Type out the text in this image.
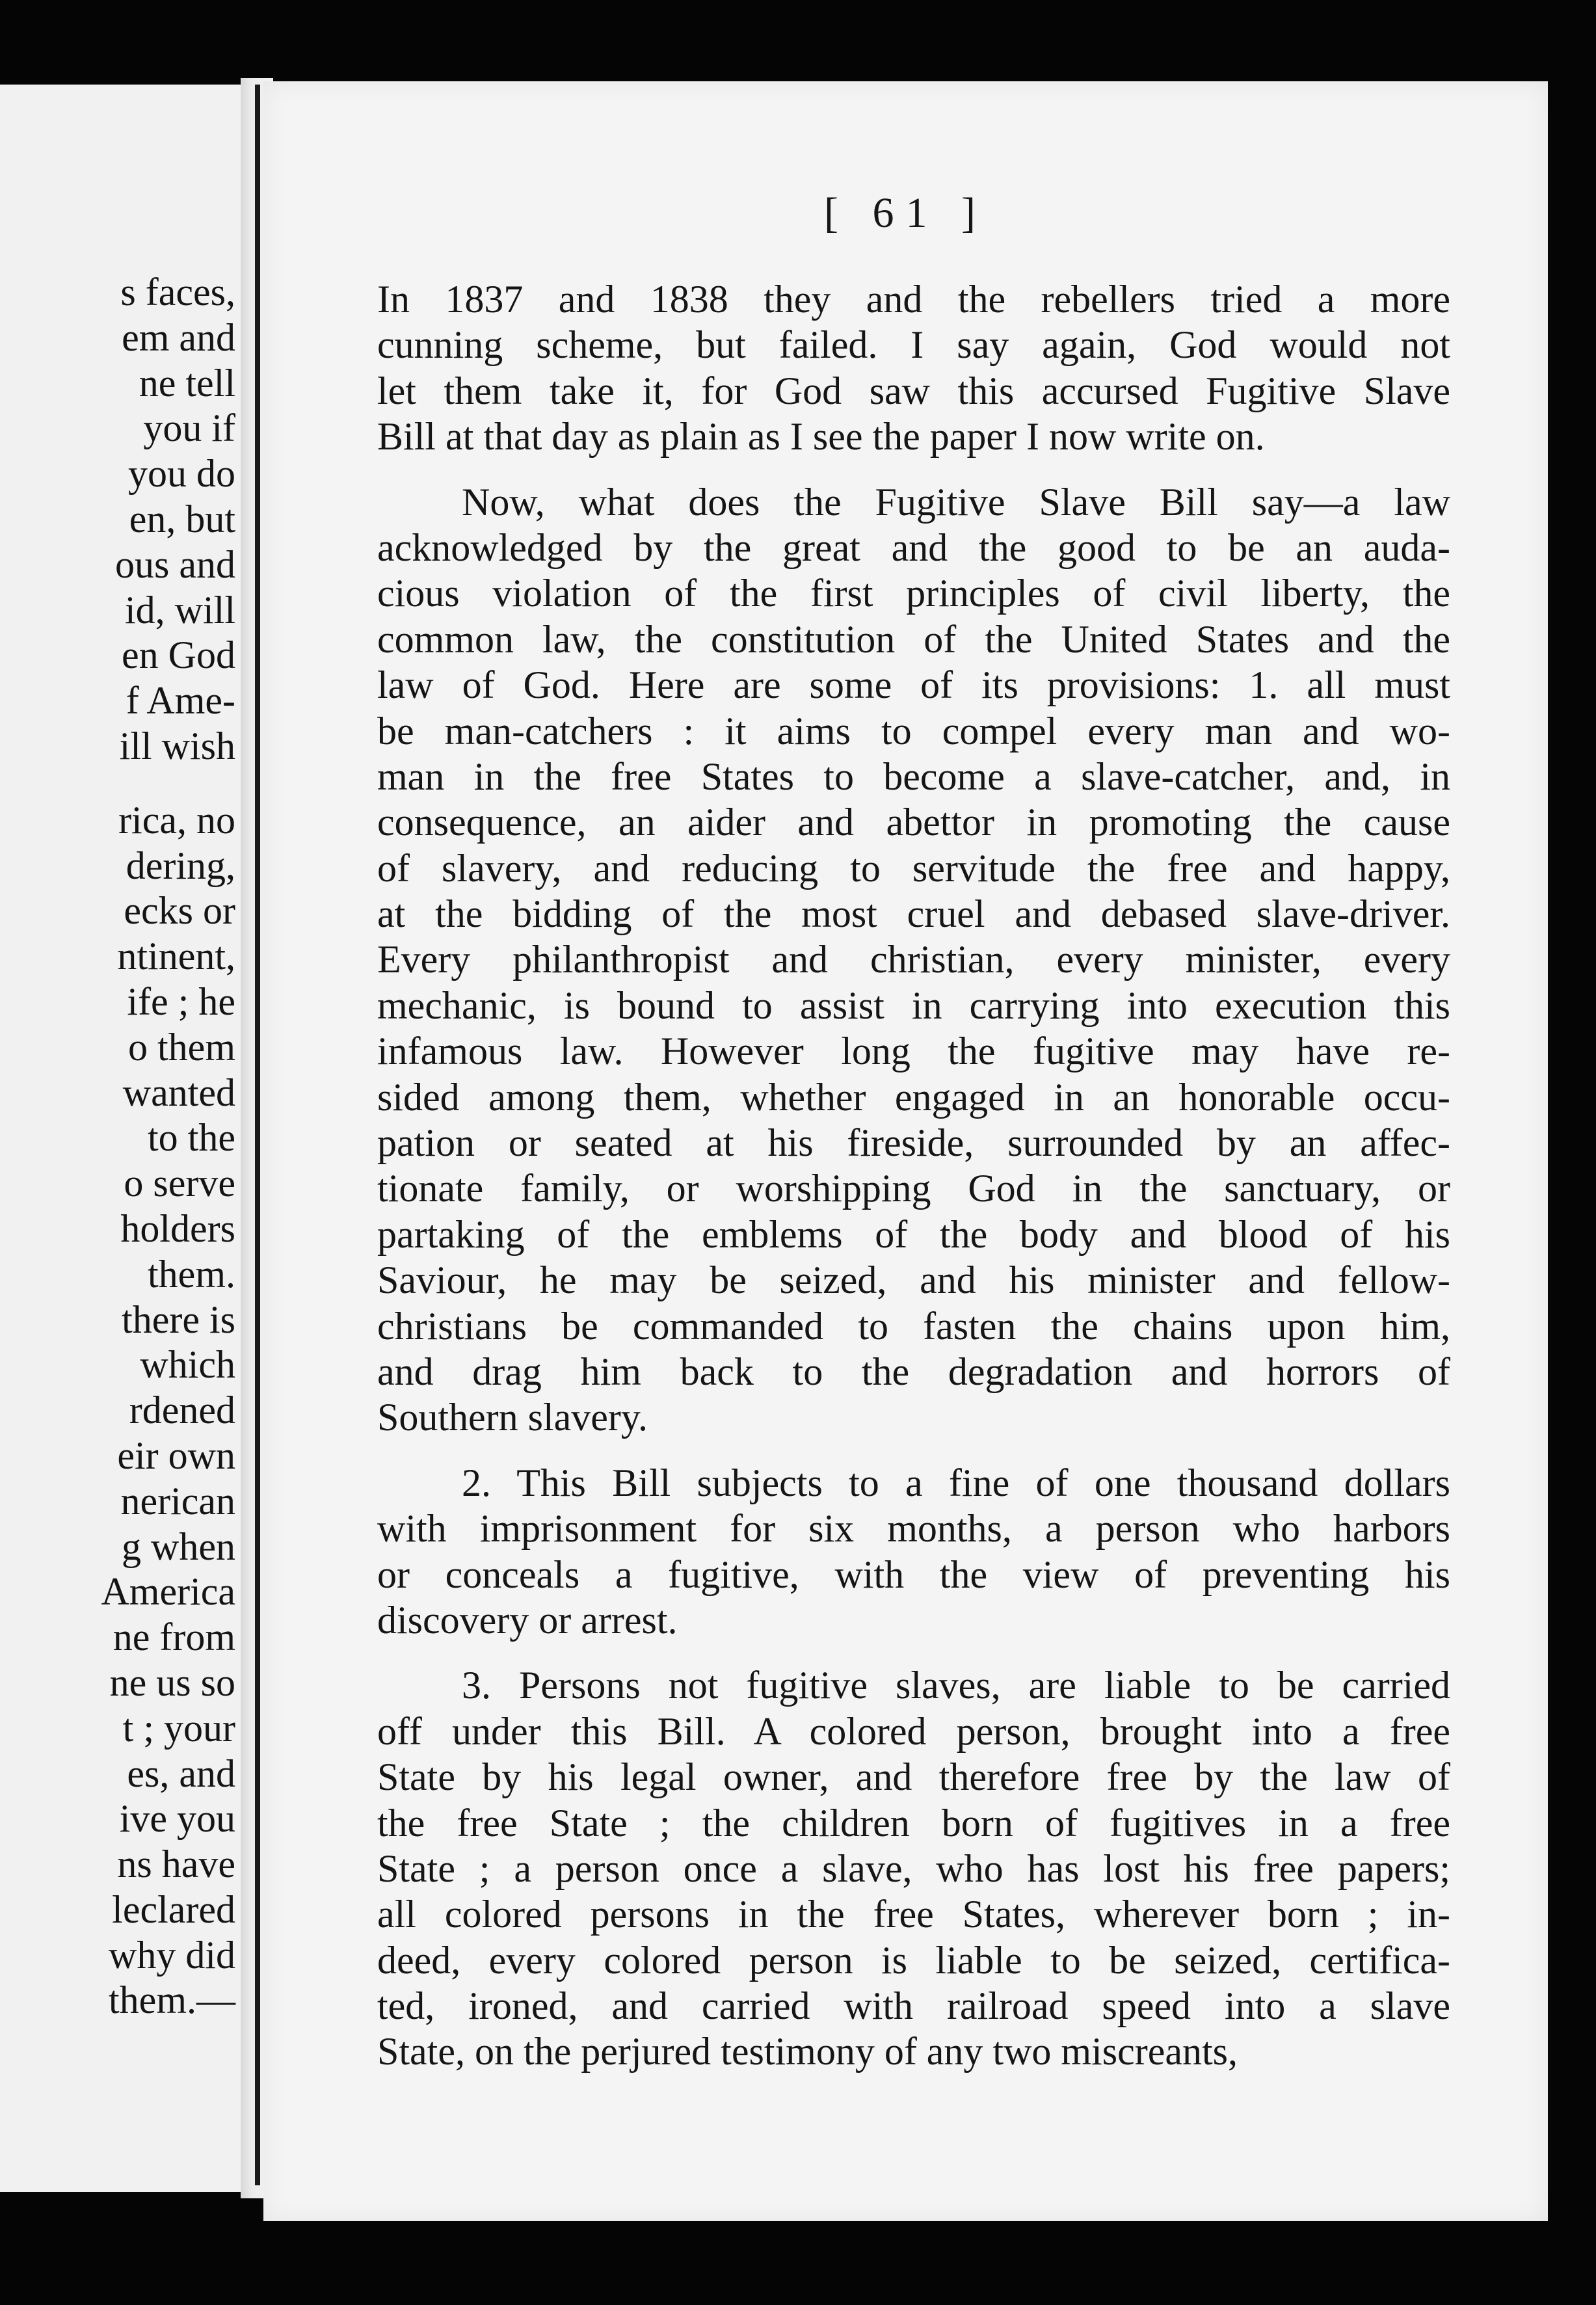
s faces,
em and
ne tell
you if
you do
en, but
ous and
id, will
en God
f Ame-
ill wish
rica, no
dering,
ecks or
ntinent,
ife ; he
o them
wanted
to the
o serve
holders
them.
there is
which
rdened
eir own
nerican
g when
America
ne from
ne us so
t ; your
es, and
ive you
ns have
leclared
why did
them.—
[ 61 ]
In 1837 and 1838 they and the rebellers tried a more
cunning scheme, but failed. I say again, God would not
let them take it, for God saw this accursed Fugitive Slave
Bill at that day as plain as I see the paper I now write on.
Now, what does the Fugitive Slave Bill say—a law
acknowledged by the great and the good to be an auda-
cious violation of the first principles of civil liberty, the
common law, the constitution of the United States and the
law of God. Here are some of its provisions: 1. all must
be man-catchers : it aims to compel every man and wo-
man in the free States to become a slave-catcher, and, in
consequence, an aider and abettor in promoting the cause
of slavery, and reducing to servitude the free and happy,
at the bidding of the most cruel and debased slave-driver.
Every philanthropist and christian, every minister, every
mechanic, is bound to assist in carrying into execution this
infamous law. However long the fugitive may have re-
sided among them, whether engaged in an honorable occu-
pation or seated at his fireside, surrounded by an affec-
tionate family, or worshipping God in the sanctuary, or
partaking of the emblems of the body and blood of his
Saviour, he may be seized, and his minister and fellow-
christians be commanded to fasten the chains upon him,
and drag him back to the degradation and horrors of
Southern slavery.
2. This Bill subjects to a fine of one thousand dollars
with imprisonment for six months, a person who harbors
or conceals a fugitive, with the view of preventing his
discovery or arrest.
3. Persons not fugitive slaves, are liable to be carried
off under this Bill. A colored person, brought into a free
State by his legal owner, and therefore free by the law of
the free State ; the children born of fugitives in a free
State ; a person once a slave, who has lost his free papers;
all colored persons in the free States, wherever born ; in-
deed, every colored person is liable to be seized, certifica-
ted, ironed, and carried with railroad speed into a slave
State, on the perjured testimony of any two miscreants,
